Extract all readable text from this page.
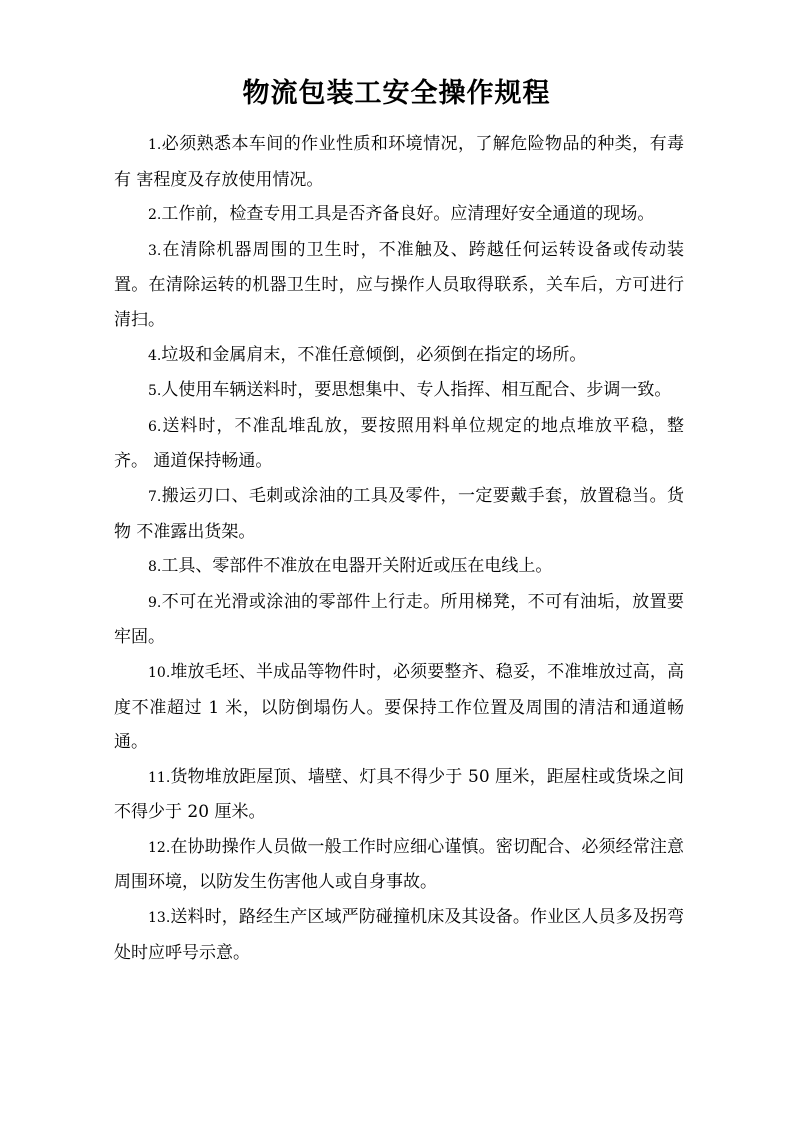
物流包装工安全操作规程

1.必须熟悉本车间的作业性质和环境情况，了解危险物品的种类，有毒有 害程度及存放使用情况。

2.工作前，检查专用工具是否齐备良好。应清理好安全通道的现场。

3.在清除机器周围的卫生时，不准触及、跨越任何运转设备或传动装置。在清除运转的机器卫生时，应与操作人员取得联系，关车后，方可进行清扫。

4.垃圾和金属肩末，不准任意倾倒，必须倒在指定的场所。

5.人使用车辆送料时，要思想集中、专人指挥、相互配合、步调一致。

6.送料时，不准乱堆乱放，要按照用料单位规定的地点堆放平稳，整齐。 通道保持畅通。

7.搬运刃口、毛刺或涂油的工具及零件，一定要戴手套，放置稳当。货物 不准露出货架。

8.工具、零部件不准放在电器开关附近或压在电线上。

9.不可在光滑或涂油的零部件上行走。所用梯凳，不可有油垢，放置要牢固。

10.堆放毛坯、半成品等物件时，必须要整齐、稳妥，不准堆放过高，高度不准超过 1 米，以防倒塌伤人。要保持工作位置及周围的清洁和通道畅通。

11.货物堆放距屋顶、墙壁、灯具不得少于 50 厘米，距屋柱或货垛之间 不得少于 20 厘米。

12.在协助操作人员做一般工作时应细心谨慎。密切配合、必须经常注意周围环境，以防发生伤害他人或自身事故。

13.送料时，路经生产区域严防碰撞机床及其设备。作业区人员多及拐弯 处时应呼号示意。
